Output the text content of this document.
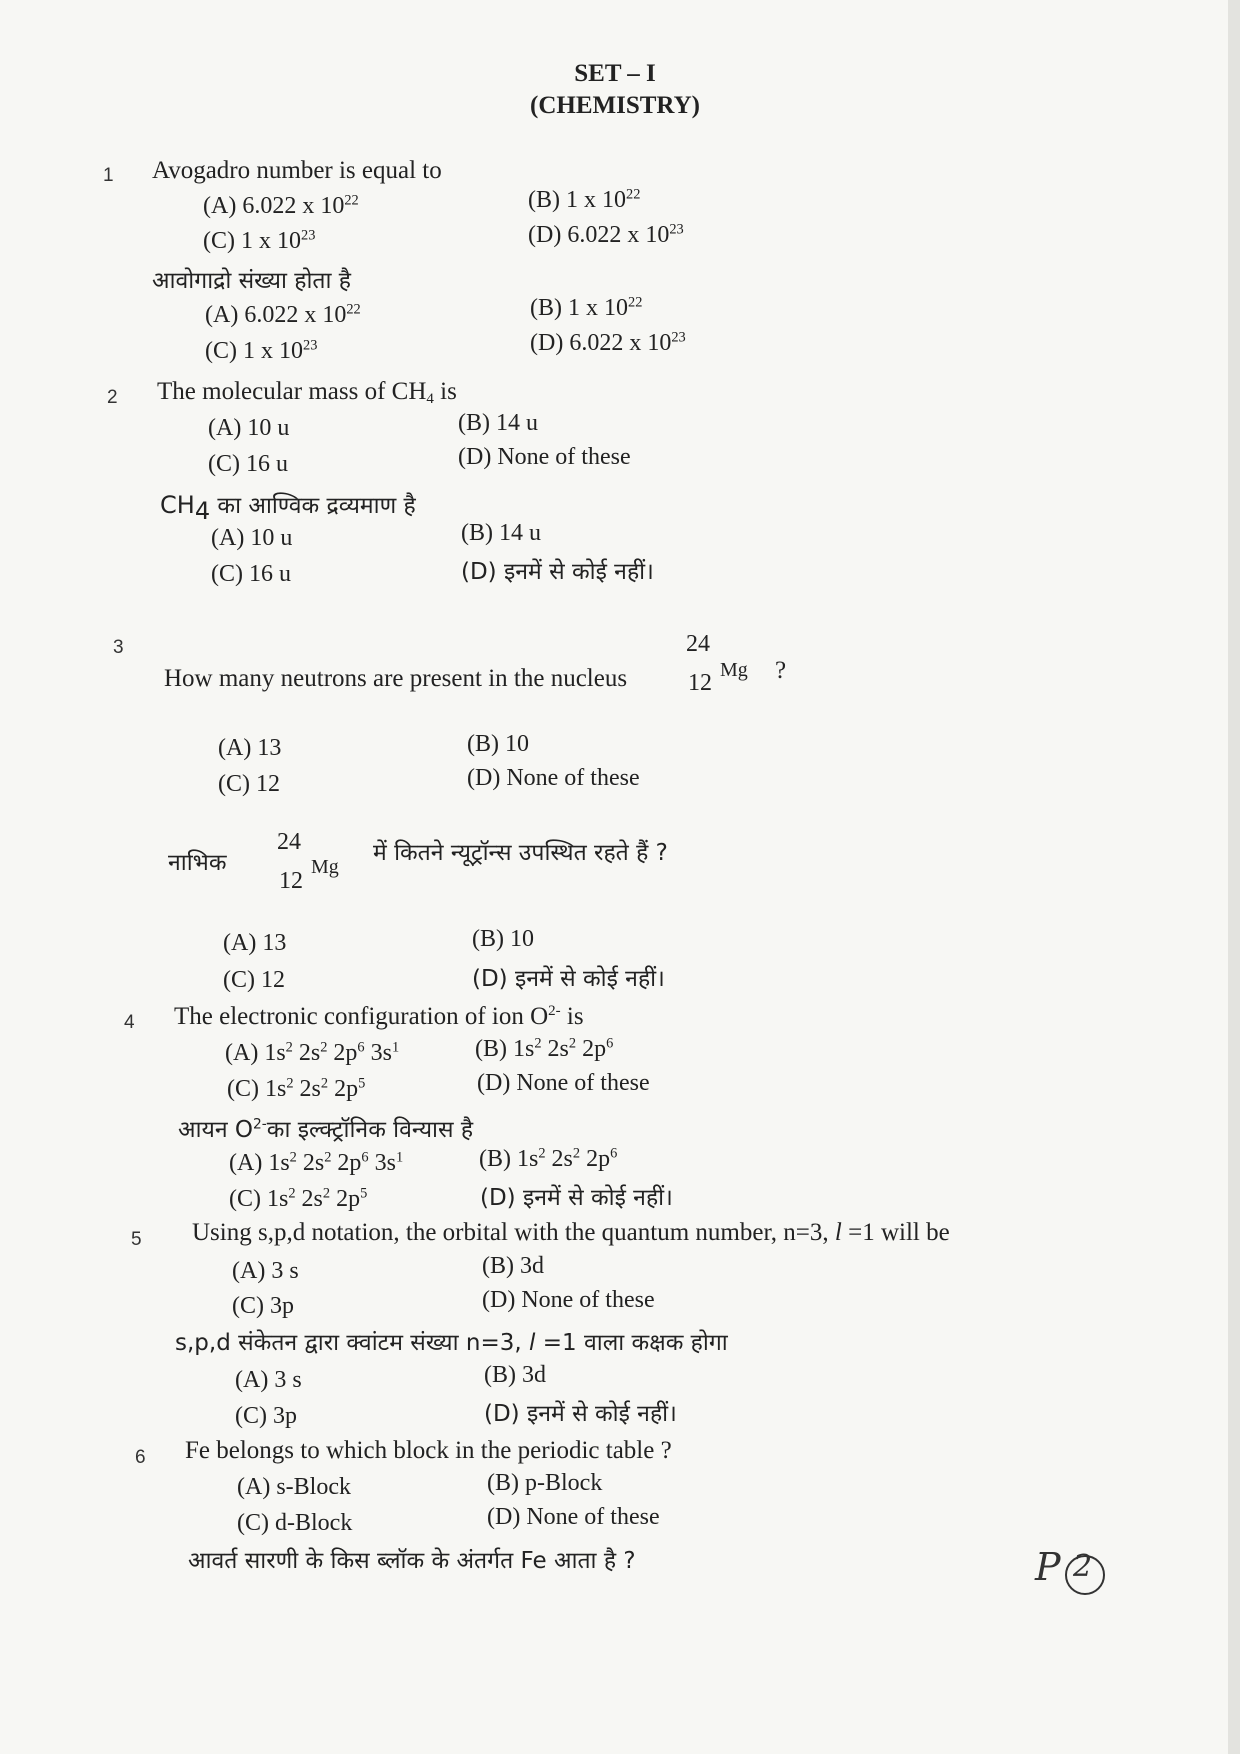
SET – I
(CHEMISTRY)
1 Avogadro number is equal to
(A) 6.022 x $10^{22}$	(B) 1 x $10^{22}$
(C) 1 x $10^{23}$	(D) 6.022 x $10^{23}$
आवोगाद्रो संख्या होता है
(A) 6.022 x $10^{22}$	(B) 1 x $10^{22}$
(C) 1 x $10^{23}$	(D) 6.022 x $10^{23}$
2 The molecular mass of $CH_4$ is
(A) 10 u	(B) 14 u
(C) 16 u	(D) None of these
$CH_4$ का आण्विक द्रव्यमाण है
(A) 10 u	(B) 14 u
(C) 16 u	(D) इनमें से कोई नहीं।
3
How many neutrons are present in the nucleus
24
12 Mg ?
(A) 13	(B) 10
(C) 12	(D) None of these
नाभिक
24
12
Mg
में कितने न्यूट्रॉन्स उपस्थित रहते हैं ?
(A) 13	(B) 10
(C) 12	(D) इनमें से कोई नहीं।
4 The electronic configuration of ion $O^{2-}$ is
(A) $1s^2$ $2s^2$ $2p^6$ $3s^1$	(B) $1s^2$ $2s^2$ $2p^6$
(C) $1s^2$ $2s^2$ $2p^5$	(D) None of these
आयन $O^{2-}का$ इल्क्ट्रॉनिक विन्यास है
(A) $1s^2$ $2s^2$ $2p^6$ $3s^1$	(B) $1s^2$ $2s^2$ $2p^6$
(C) $1s^2$ $2s^2$ $2p^5$	(D) इनमें से कोई नहीं।
5 Using s,p,d notation, the orbital with the quantum number, n=3, l =1 will be
(A) 3 s	(B) 3d
(C) 3p	(D) None of these
s,p,d संकेतन द्वारा क्वांटम संख्या n=3, l =1 वाला कक्षक होगा
(A) 3 s	(B) 3d
(C) 3p	(D) इनमें से कोई नहीं।
6 Fe belongs to which block in the periodic table ?
(A) s-Block	(B) p-Block
(C) d-Block	(D) None of these
आवर्त सारणी के किस ब्लॉक के अंतर्गत Fe आता है ?	P 2
